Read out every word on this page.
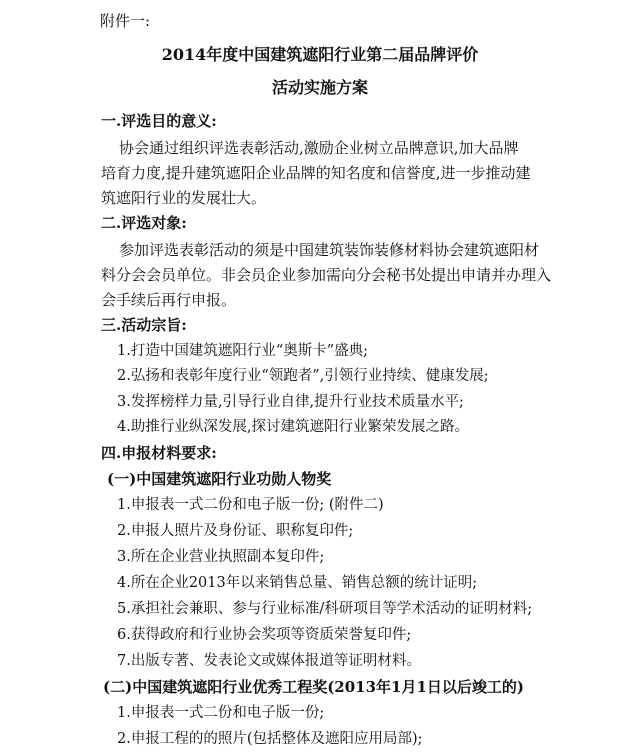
附件一:
2014年度中国建筑遮阳行业第二届品牌评价
活动实施方案
一.评选目的意义:
协会通过组织评选表彰活动,激励企业树立品牌意识,加大品牌
培育力度,提升建筑遮阳企业品牌的知名度和信誉度,进一步推动建
筑遮阳行业的发展壮大。
二.评选对象:
参加评选表彰活动的须是中国建筑装饰装修材料协会建筑遮阳材
料分会会员单位。非会员企业参加需向分会秘书处提出申请并办理入
会手续后再行申报。
三.活动宗旨:
1.打造中国建筑遮阳行业“奥斯卡”盛典;
2.弘扬和表彰年度行业“领跑者”,引领行业持续、健康发展;
3.发挥榜样力量,引导行业自律,提升行业技术质量水平;
4.助推行业纵深发展,探讨建筑遮阳行业繁荣发展之路。
四.申报材料要求:
(一)中国建筑遮阳行业功勋人物奖
1.申报表一式二份和电子版一份; (附件二)
2.申报人照片及身份证、职称复印件;
3.所在企业营业执照副本复印件;
4.所在企业2013年以来销售总量、销售总额的统计证明;
5.承担社会兼职、参与行业标准/科研项目等学术活动的证明材料;
6.获得政府和行业协会奖项等资质荣誉复印件;
7.出版专著、发表论文或媒体报道等证明材料。
(二)中国建筑遮阳行业优秀工程奖(2013年1月1日以后竣工的)
1.申报表一式二份和电子版一份;
2.申报工程的的照片(包括整体及遮阳应用局部);
